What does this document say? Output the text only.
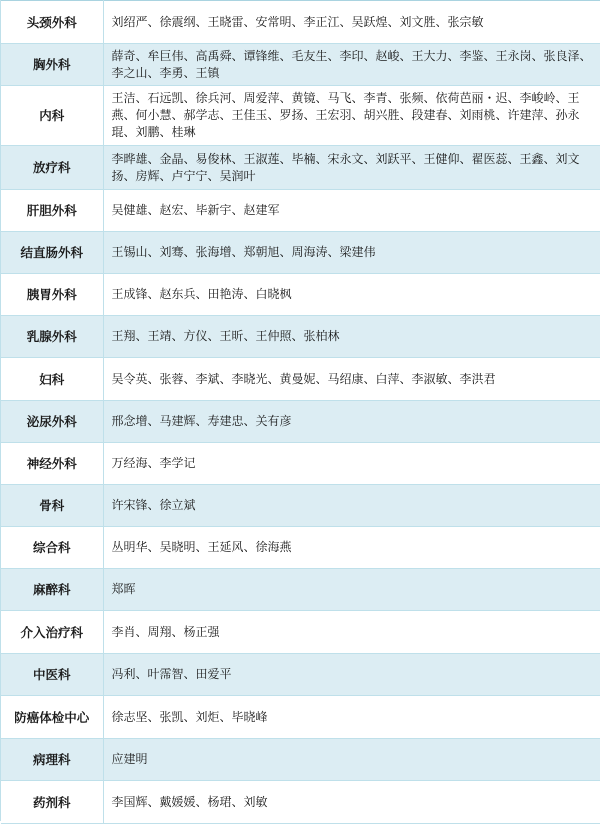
头颈外科	刘绍严、徐震纲、王晓雷、安常明、李正江、吴跃煌、刘文胜、张宗敏
胸外科	薛奇、牟巨伟、高禹舜、谭锋维、毛友生、李印、赵峻、王大力、李鉴、王永岗、张良泽、李之山、李勇、王镇
内科	王洁、石远凯、徐兵河、周爱萍、黄镜、马飞、李青、张频、依荷芭丽・迟、李峻岭、王燕、何小慧、郝学志、王佳玉、罗扬、王宏羽、胡兴胜、段建春、刘雨桃、许建萍、孙永琨、刘鹏、桂琳
放疗科	李晔雄、金晶、易俊林、王淑莲、毕楠、宋永文、刘跃平、王健仰、翟医蕊、王鑫、刘文扬、房辉、卢宁宁、吴润叶
肝胆外科	吴健雄、赵宏、毕新宇、赵建军
结直肠外科	王锡山、刘骞、张海增、郑朝旭、周海涛、梁建伟
胰胃外科	王成锋、赵东兵、田艳涛、白晓枫
乳腺外科	王翔、王靖、方仪、王昕、王仲照、张柏林
妇科	吴令英、张蓉、李斌、李晓光、黄曼妮、马绍康、白萍、李淑敏、李洪君
泌尿外科	邢念增、马建辉、寿建忠、关有彦
神经外科	万经海、李学记
骨科	许宋锋、徐立斌
综合科	丛明华、吴晓明、王延风、徐海燕
麻醉科	郑晖
介入治疗科	李肖、周翔、杨正强
中医科	冯利、叶霈智、田爱平
防癌体检中心	徐志坚、张凯、刘炬、毕晓峰
病理科	应建明
药剂科	李国辉、戴媛媛、杨珺、刘敏
